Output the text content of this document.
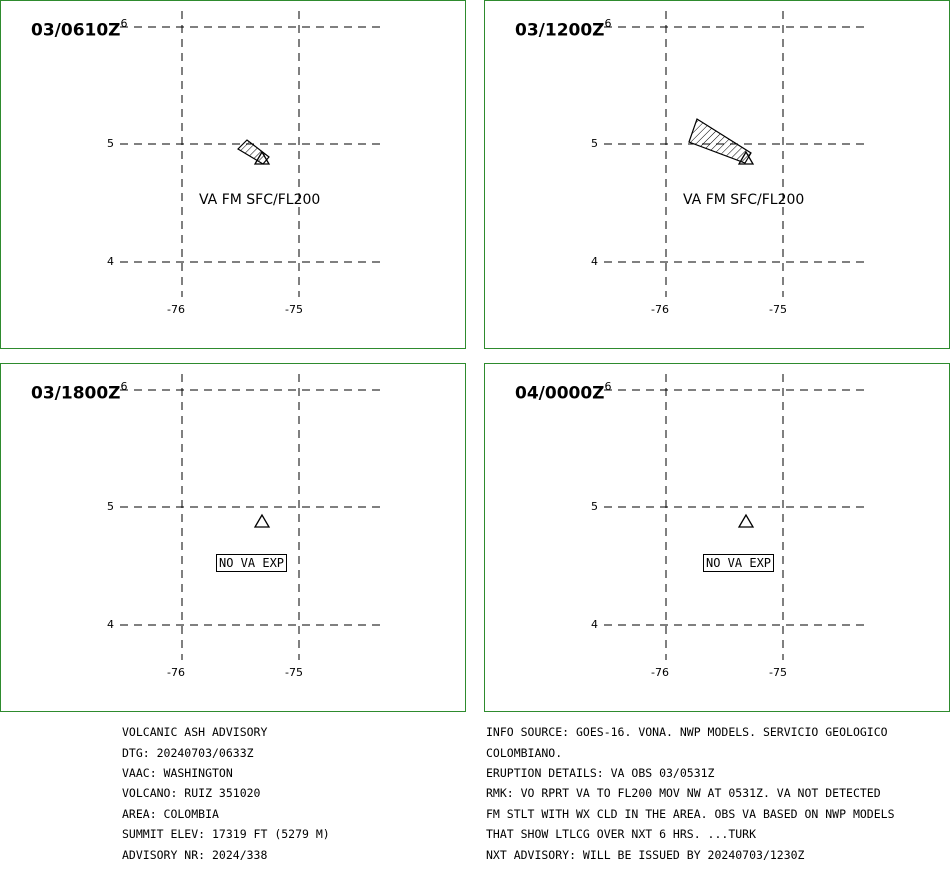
$03/0610Z^6$
5
4
-76	-75
VA FM SFC/FL200
$03/1200Z^6$
5
4
-76	-75
VA FM SFC/FL200
$03/1800Z^6$
5
4
-76	-75
NO VA EXP
$04/0000Z^6$
5
4
-76	-75
NO VA EXP

VOLCANIC ASH ADVISORY

DTG: 20240703/0633Z

VAAC: WASHINGTON

VOLCANO: RUIZ 351020

AREA: COLOMBIA

SUMMIT ELEV: 17319 FT (5279 M)

ADVISORY NR: 2024/338

INFO SOURCE: GOES-16. VONA. NWP MODELS. SERVICIO GEOLOGICO

COLOMBIANO.

ERUPTION DETAILS: VA OBS 03/0531Z

RMK: VO RPRT VA TO FL200 MOV NW AT 0531Z. VA NOT DETECTED

FM STLT WITH WX CLD IN THE AREA. OBS VA BASED ON NWP MODELS

THAT SHOW LTLCG OVER NXT 6 HRS. ...TURK

NXT ADVISORY: WILL BE ISSUED BY 20240703/1230Z
